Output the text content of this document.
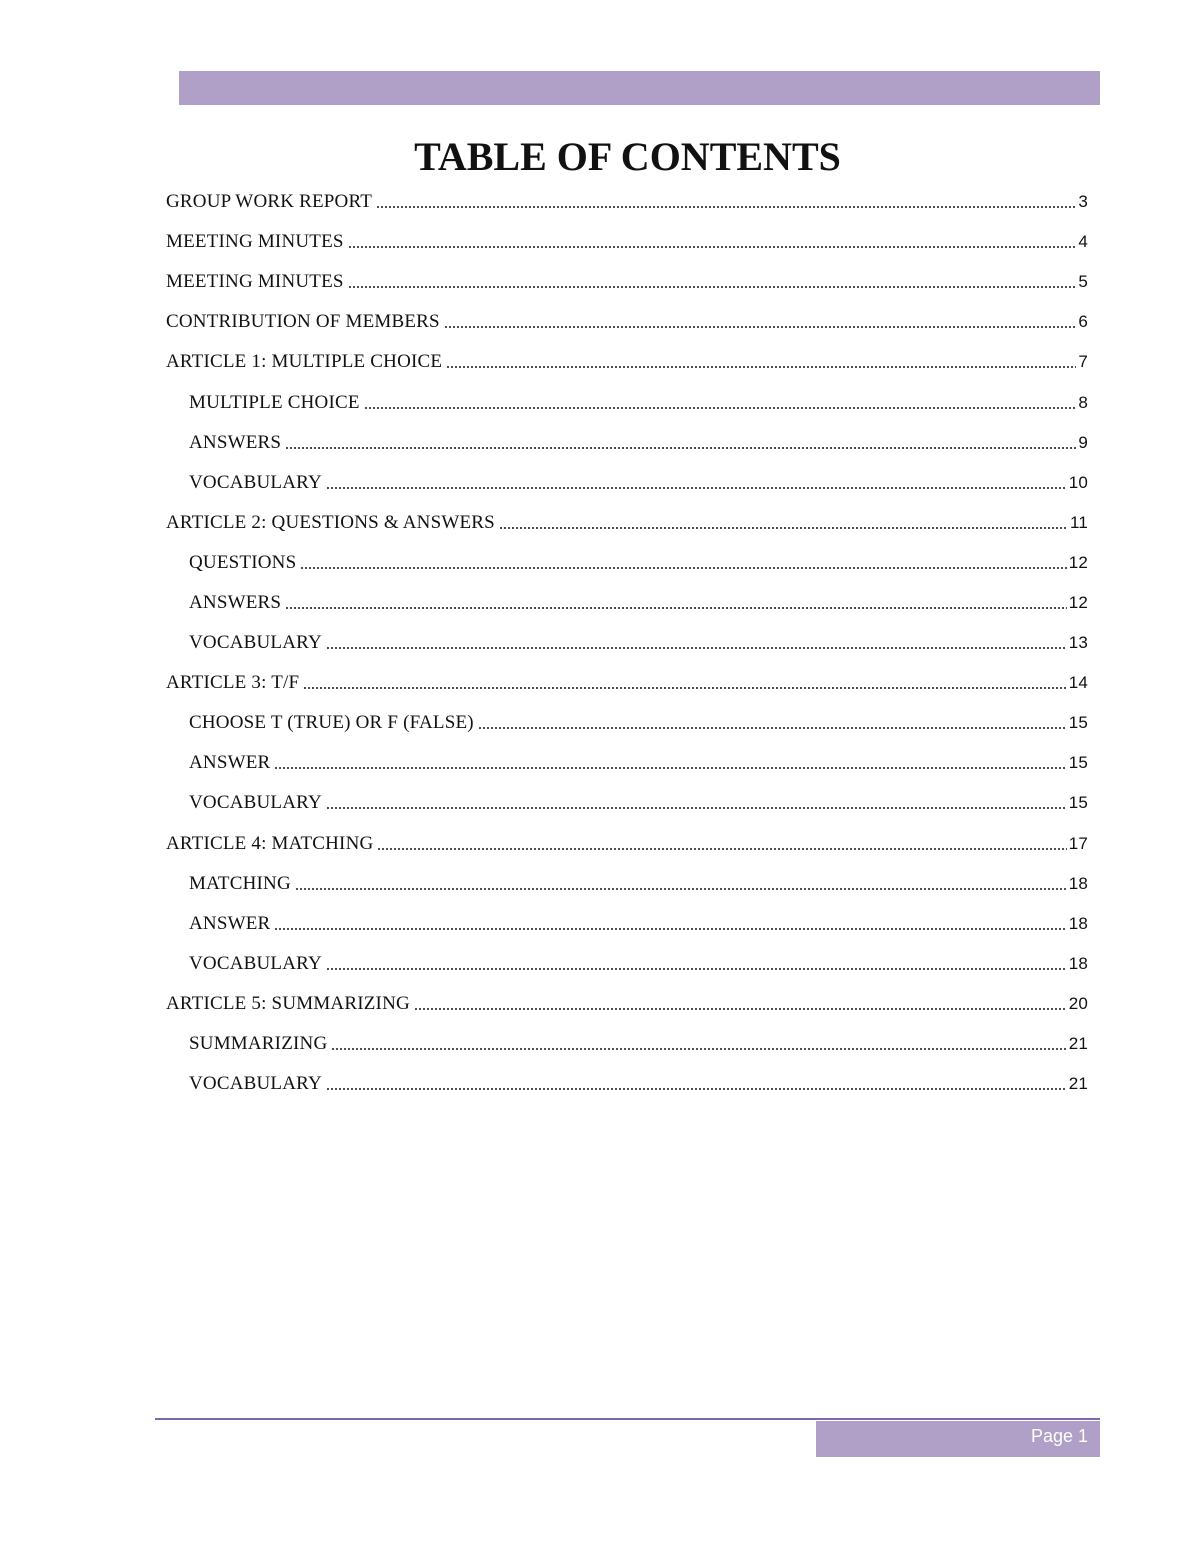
TABLE OF CONTENTS
GROUP WORK REPORT	3
MEETING MINUTES	4
MEETING MINUTES	5
CONTRIBUTION OF MEMBERS	6
ARTICLE 1: MULTIPLE CHOICE	7
MULTIPLE CHOICE	8
ANSWERS	9
VOCABULARY	10
ARTICLE 2: QUESTIONS & ANSWERS	11
QUESTIONS	12
ANSWERS	12
VOCABULARY	13
ARTICLE 3: T/F	14
CHOOSE T (TRUE) OR F (FALSE)	15
ANSWER	15
VOCABULARY	15
ARTICLE 4: MATCHING	17
MATCHING	18
ANSWER	18
VOCABULARY	18
ARTICLE 5: SUMMARIZING	20
SUMMARIZING	21
VOCABULARY	21
Page 1
